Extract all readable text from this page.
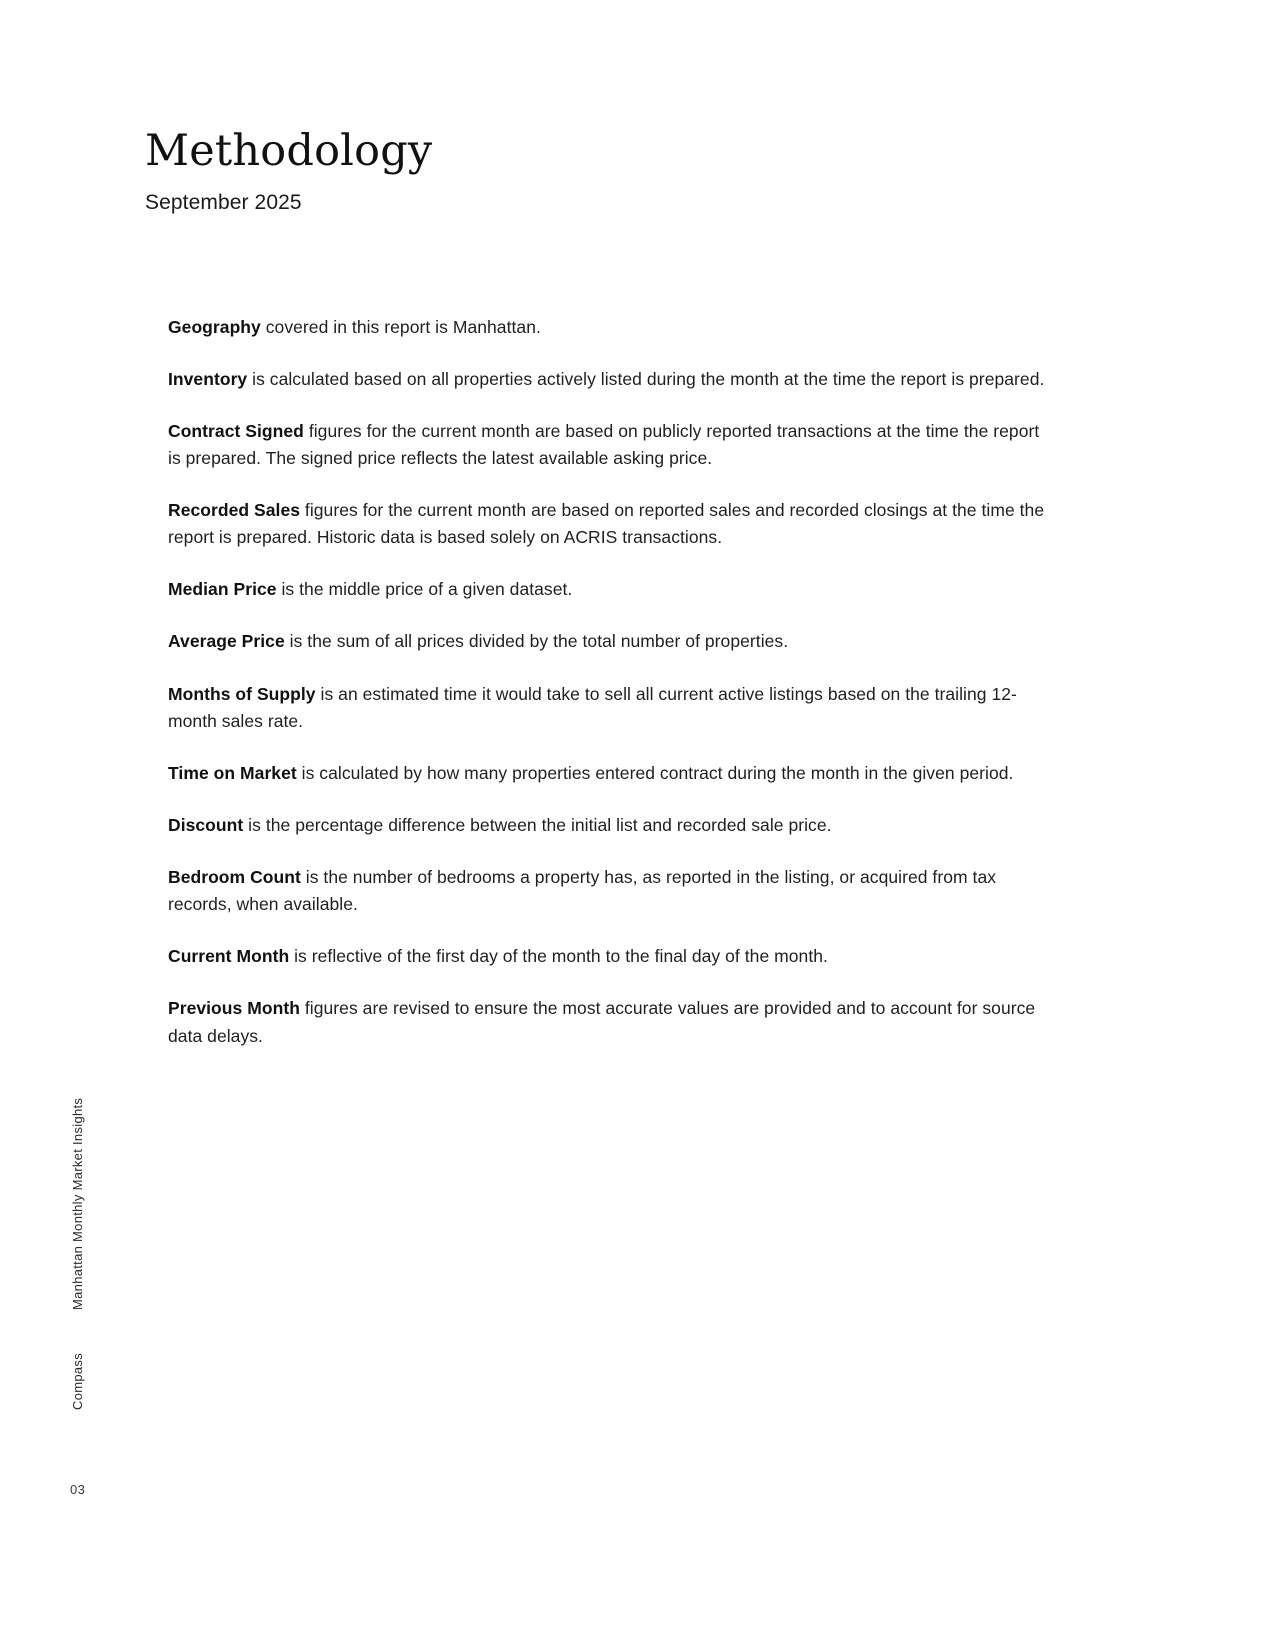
Methodology
September 2025

Geography covered in this report is Manhattan.

Inventory is calculated based on all properties actively listed during the month at the time the report is prepared.

Contract Signed figures for the current month are based on publicly reported transactions at the time the report is prepared. The signed price reflects the latest available asking price.

Recorded Sales figures for the current month are based on reported sales and recorded closings at the time the report is prepared. Historic data is based solely on ACRIS transactions.

Median Price is the middle price of a given dataset.

Average Price is the sum of all prices divided by the total number of properties.

Months of Supply is an estimated time it would take to sell all current active listings based on the trailing 12-month sales rate.

Time on Market is calculated by how many properties entered contract during the month in the given period.

Discount is the percentage difference between the initial list and recorded sale price.

Bedroom Count is the number of bedrooms a property has, as reported in the listing, or acquired from tax records, when available.

Current Month is reflective of the first day of the month to the final day of the month.

Previous Month figures are revised to ensure the most accurate values are provided and to account for source data delays.

Manhattan Monthly Market Insights
Compass
03
